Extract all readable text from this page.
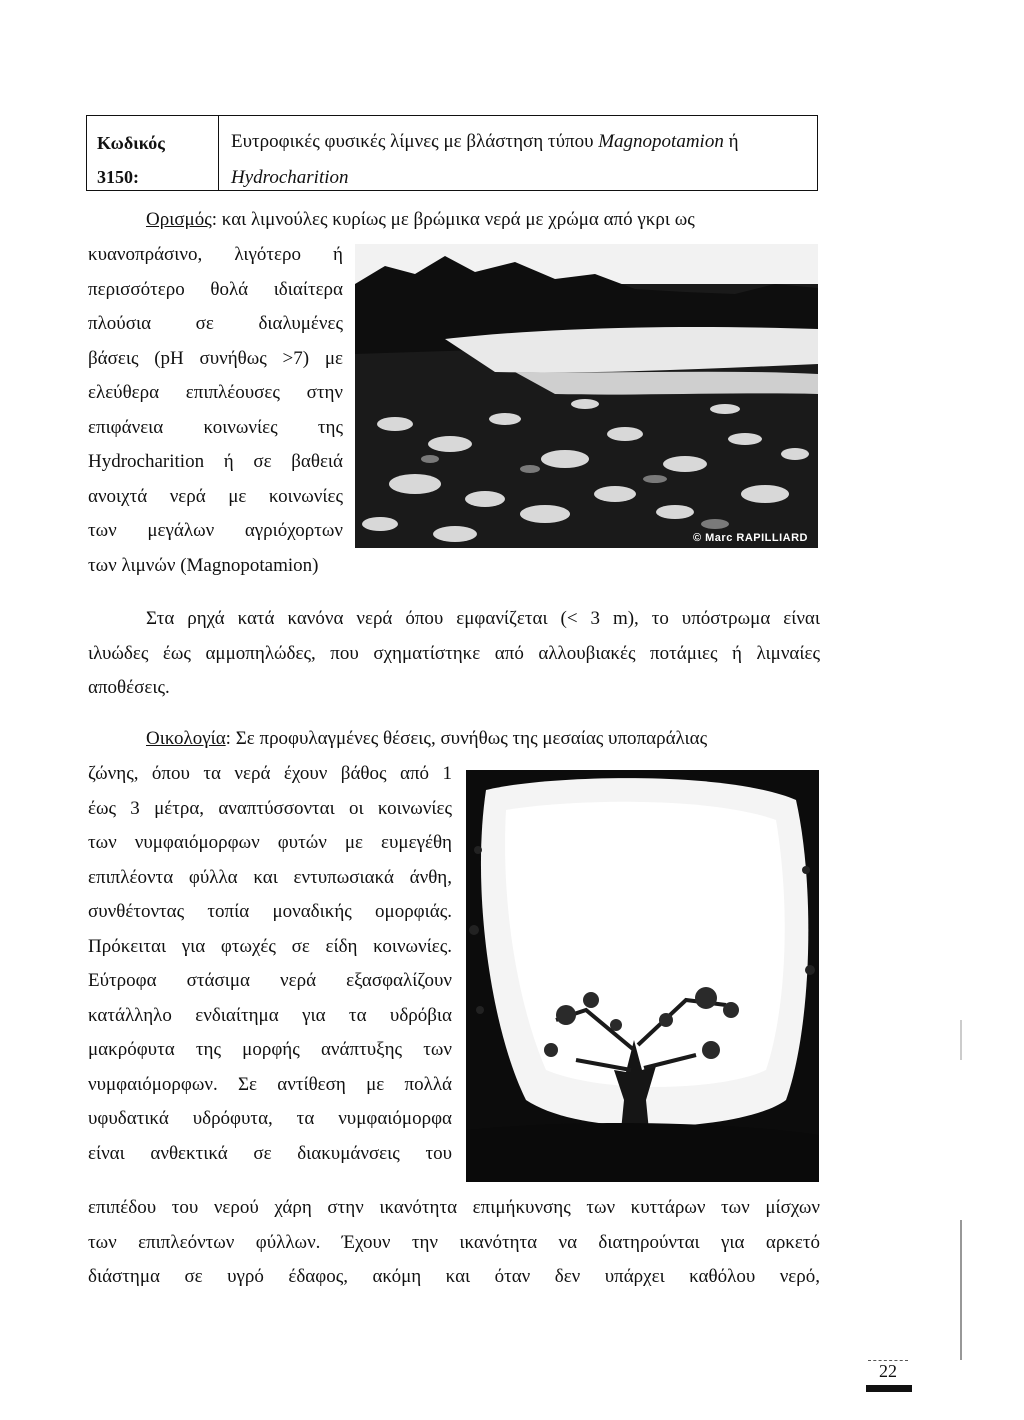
Κωδικός
3150:
Ευτροφικές φυσικές λίμνες με βλάστηση τύπου Magnopotamion ή
Hydrocharition
Ορισμός: και λιμνούλες κυρίως με βρώμικα νερά με χρώμα από γκρι ως
κυανοπράσινο, λιγότερο ή
περισσότερο θολά ιδιαίτερα
πλούσια σε διαλυμένες
βάσεις (pH συνήθως >7) με
ελεύθερα επιπλέουσες στην
επιφάνεια κοινωνίες της
Hydrocharition ή σε βαθειά
ανοιχτά νερά με κοινωνίες
των μεγάλων αγριόχορτων
των λιμνών (Magnopotamion)
© Marc RAPILLIARD
Στα ρηχά κατά κανόνα νερά όπου εμφανίζεται (< 3 m), το υπόστρωμα είναι
ιλυώδες έως αμμοπηλώδες, που σχηματίστηκε από αλλουβιακές ποτάμιες ή λιμναίες
αποθέσεις.
Οικολογία: Σε προφυλαγμένες θέσεις, συνήθως της μεσαίας υποπαράλιας
ζώνης, όπου τα νερά έχουν βάθος από 1
έως 3 μέτρα, αναπτύσσονται οι κοινωνίες
των νυμφαιόμορφων φυτών με ευμεγέθη
επιπλέοντα φύλλα και εντυπωσιακά άνθη,
συνθέτοντας τοπία μοναδικής ομορφιάς.
Πρόκειται για φτωχές σε είδη κοινωνίες.
Εύτροφα στάσιμα νερά εξασφαλίζουν
κατάλληλο ενδιαίτημα για τα υδρόβια
μακρόφυτα της μορφής ανάπτυξης των
νυμφαιόμορφων. Σε αντίθεση με πολλά
υφυδατικά υδρόφυτα, τα νυμφαιόμορφα
είναι ανθεκτικά σε διακυμάνσεις του
επιπέδου του νερού χάρη στην ικανότητα επιμήκυνσης των κυττάρων των μίσχων
των επιπλεόντων φύλλων. Έχουν την ικανότητα να διατηρούνται για αρκετό
διάστημα σε υγρό έδαφος, ακόμη και όταν δεν υπάρχει καθόλου νερό,
22
